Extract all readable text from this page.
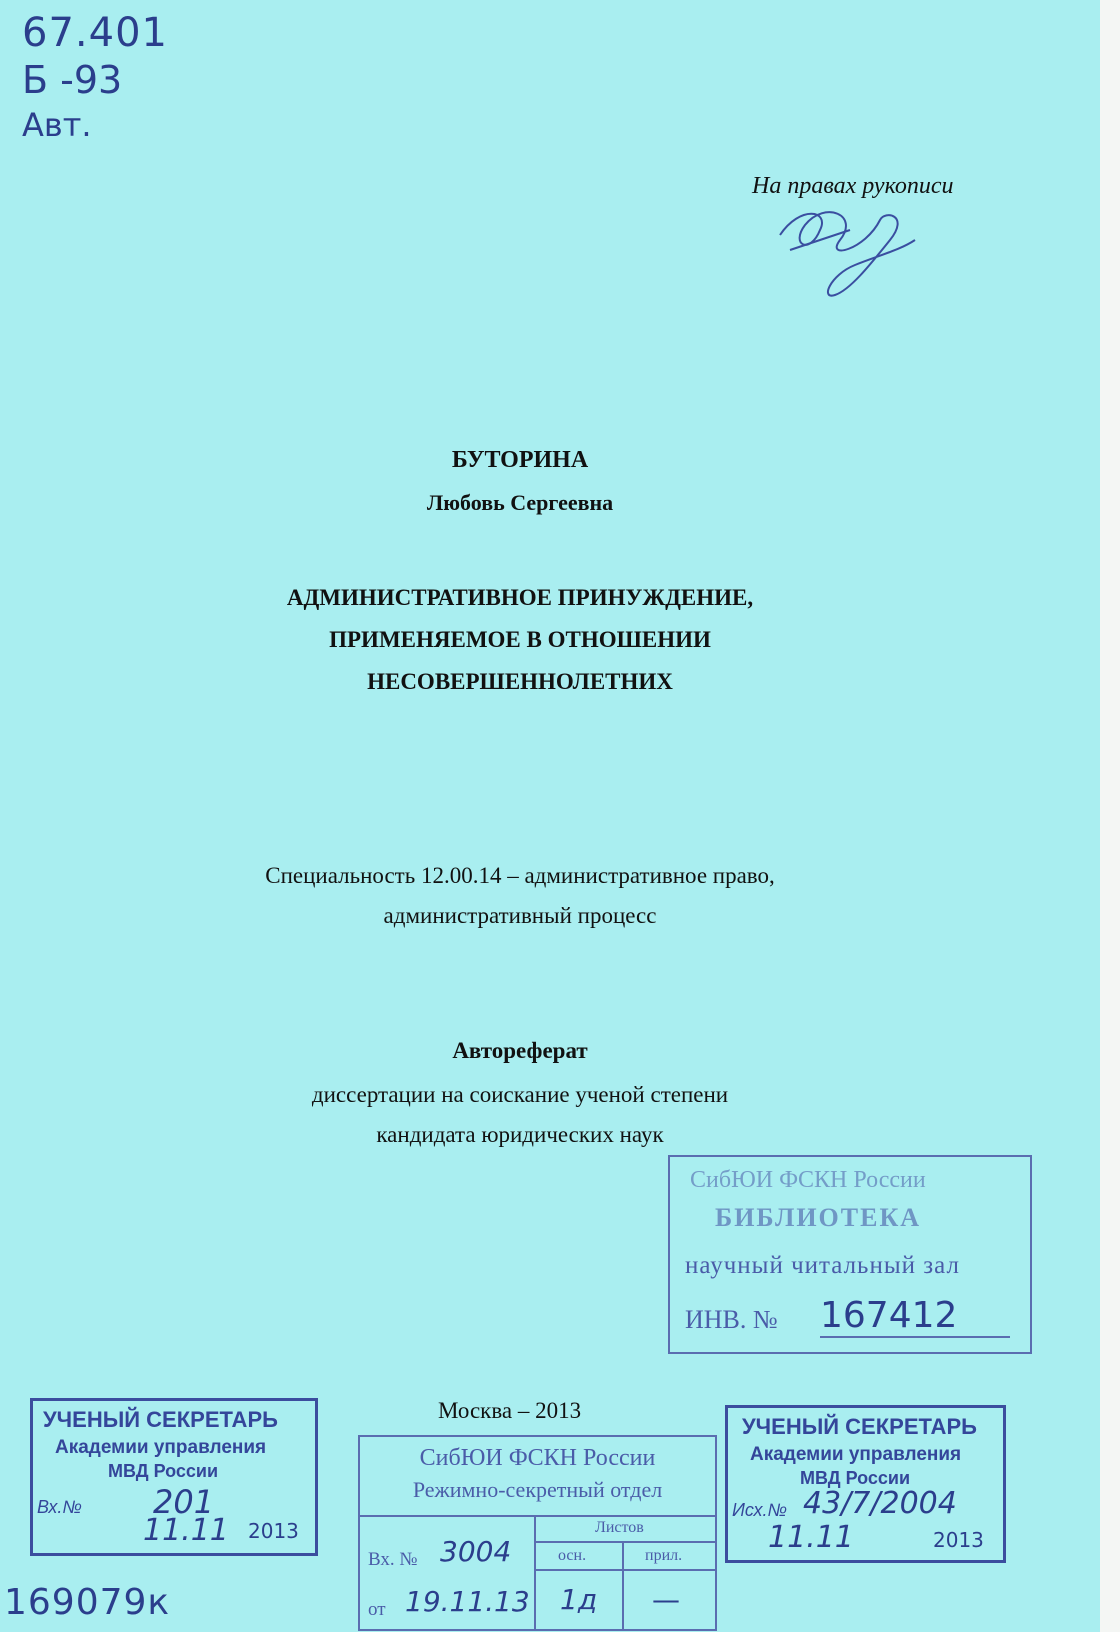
67.401
Б -93
Авт.
На правах рукописи
БУТОРИНА
Любовь Сергеевна
АДМИНИСТРАТИВНОЕ ПРИНУЖДЕНИЕ,
ПРИМЕНЯЕМОЕ В ОТНОШЕНИИ
НЕСОВЕРШЕННОЛЕТНИХ
Специальность 12.00.14 – административное право,
административный процесс
Автореферат
диссертации на соискание ученой степени
кандидата юридических наук
СибЮИ ФСКН России
БИБЛИОТЕКА
научный читальный зал
ИНВ. № 167412
Москва – 2013
УЧЕНЫЙ СЕКРЕТАРЬ
Академии управления
МВД России
Вх.№ 201
11.11 2013
СибЮИ ФСКН России
Режимно-секретный отдел
Листов
осн.	прил.
Вх. № 3004
от 19.11.13 1д —
УЧЕНЫЙ СЕКРЕТАРЬ
Академии управления
МВД России
Исх.№ 43/7/2004
11.11	2013
169079к
